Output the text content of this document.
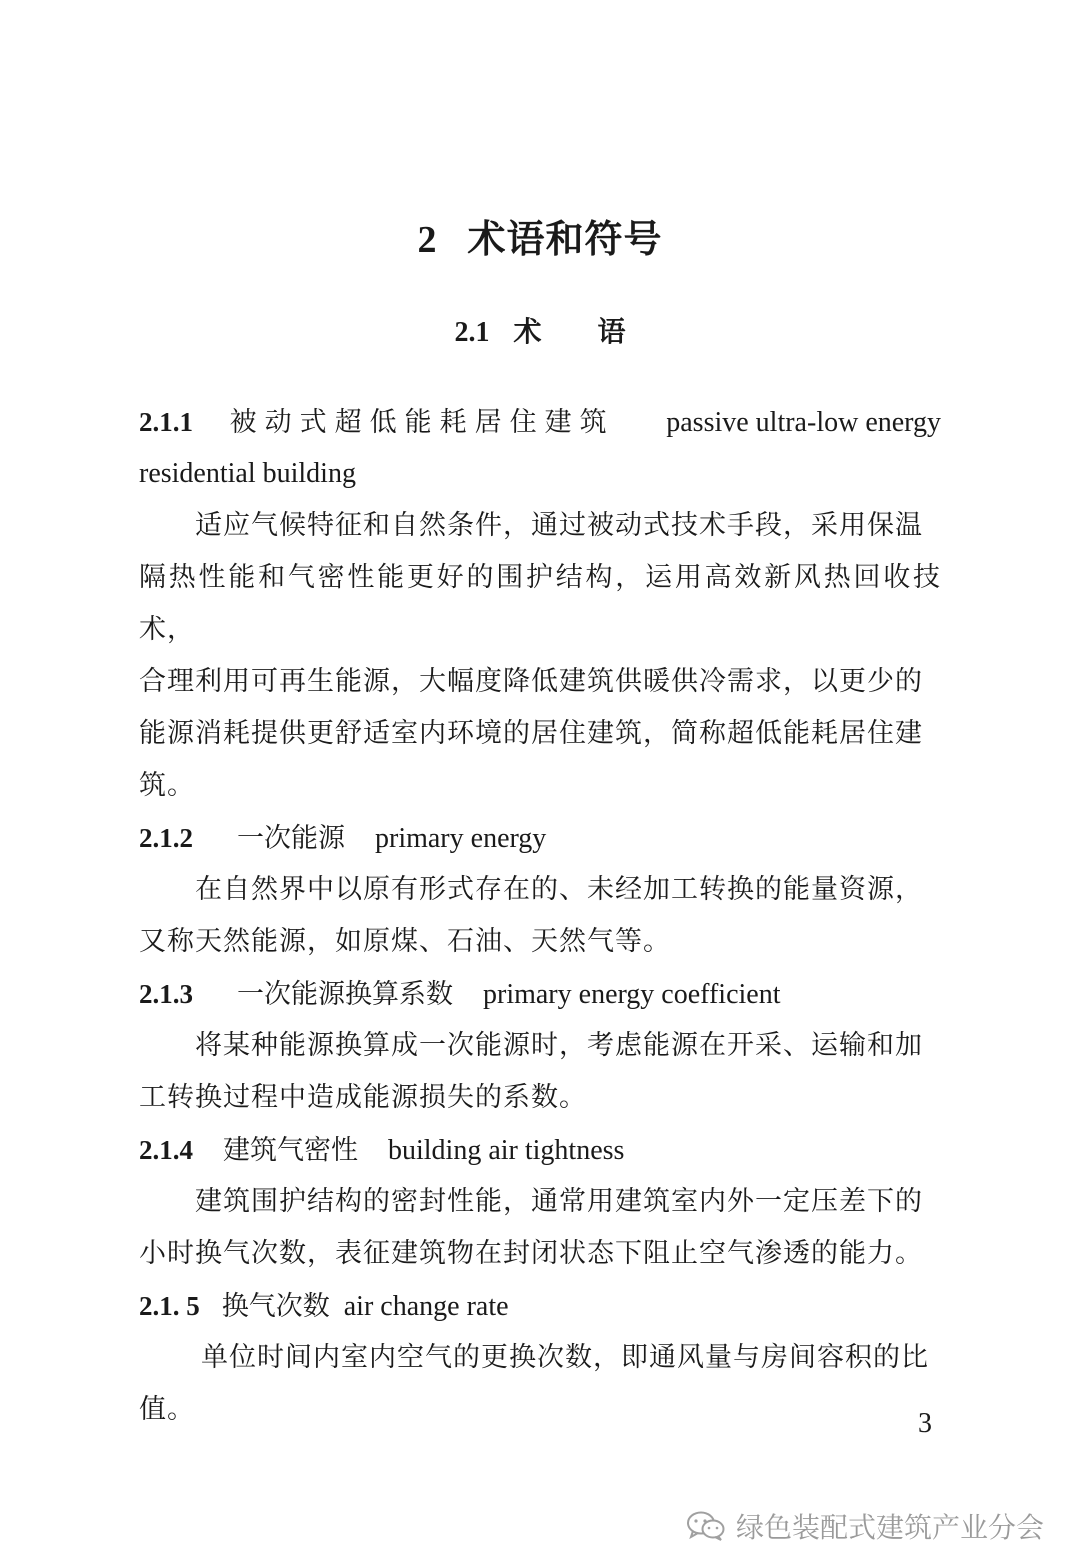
2 术语和符号
2.1 术语
2.1.1 被动式超低能耗居住建筑 passive ultra-low energy
residential building
适应气候特征和自然条件，通过被动式技术手段，采用保温
隔热性能和气密性能更好的围护结构，运用高效新风热回收技术，
合理利用可再生能源，大幅度降低建筑供暖供冷需求，以更少的
能源消耗提供更舒适室内环境的居住建筑，简称超低能耗居住建
筑。
2.1.2 一次能源 primary energy
在自然界中以原有形式存在的、未经加工转换的能量资源，
又称天然能源，如原煤、石油、天然气等。
2.1.3 一次能源换算系数 primary energy coefficient
将某种能源换算成一次能源时，考虑能源在开采、运输和加
工转换过程中造成能源损失的系数。
2.1.4 建筑气密性 building air tightness
建筑围护结构的密封性能，通常用建筑室内外一定压差下的
小时换气次数，表征建筑物在封闭状态下阻止空气渗透的能力。
2.1. 5 换气次数 air change rate
单位时间内室内空气的更换次数，即通风量与房间容积的比
值。	3
绿色装配式建筑产业分会
